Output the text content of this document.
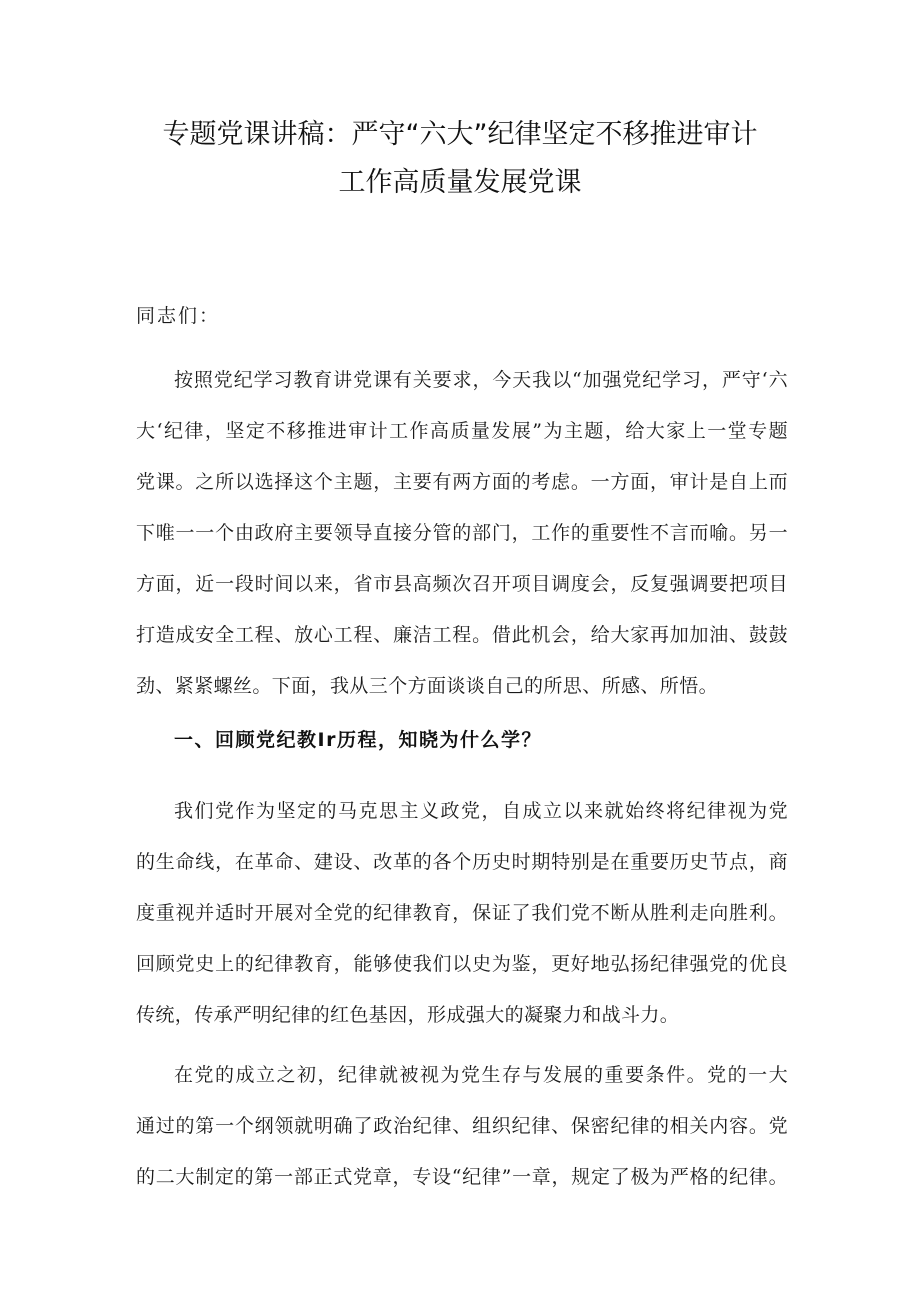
专题党课讲稿：严守“六大”纪律坚定不移推进审计
工作高质量发展党课
同志们：
按照党纪学习教育讲党课有关要求，今天我以“加强党纪学习，严守‘六
大‘纪律，坚定不移推进审计工作高质量发展”为主题，给大家上一堂专题
党课。之所以选择这个主题，主要有两方面的考虑。一方面，审计是自上而
下唯一一个由政府主要领导直接分管的部门，工作的重要性不言而喻。另一
方面，近一段时间以来，省市县高频次召开项目调度会，反复强调要把项目
打造成安全工程、放心工程、廉洁工程。借此机会，给大家再加加油、鼓鼓
劲、紧紧螺丝。下面，我从三个方面谈谈自己的所思、所感、所悟。
一、回顾党纪教Ir历程，知晓为什么学？
我们党作为坚定的马克思主义政党，自成立以来就始终将纪律视为党
的生命线，在革命、建设、改革的各个历史时期特别是在重要历史节点，商
度重视并适时开展对全党的纪律教育，保证了我们党不断从胜利走向胜利。
回顾党史上的纪律教育，能够使我们以史为鉴，更好地弘扬纪律强党的优良
传统，传承严明纪律的红色基因，形成强大的凝聚力和战斗力。
在党的成立之初，纪律就被视为党生存与发展的重要条件。党的一大
通过的第一个纲领就明确了政治纪律、组织纪律、保密纪律的相关内容。党
的二大制定的第一部正式党章，专设“纪律”一章，规定了极为严格的纪律。
